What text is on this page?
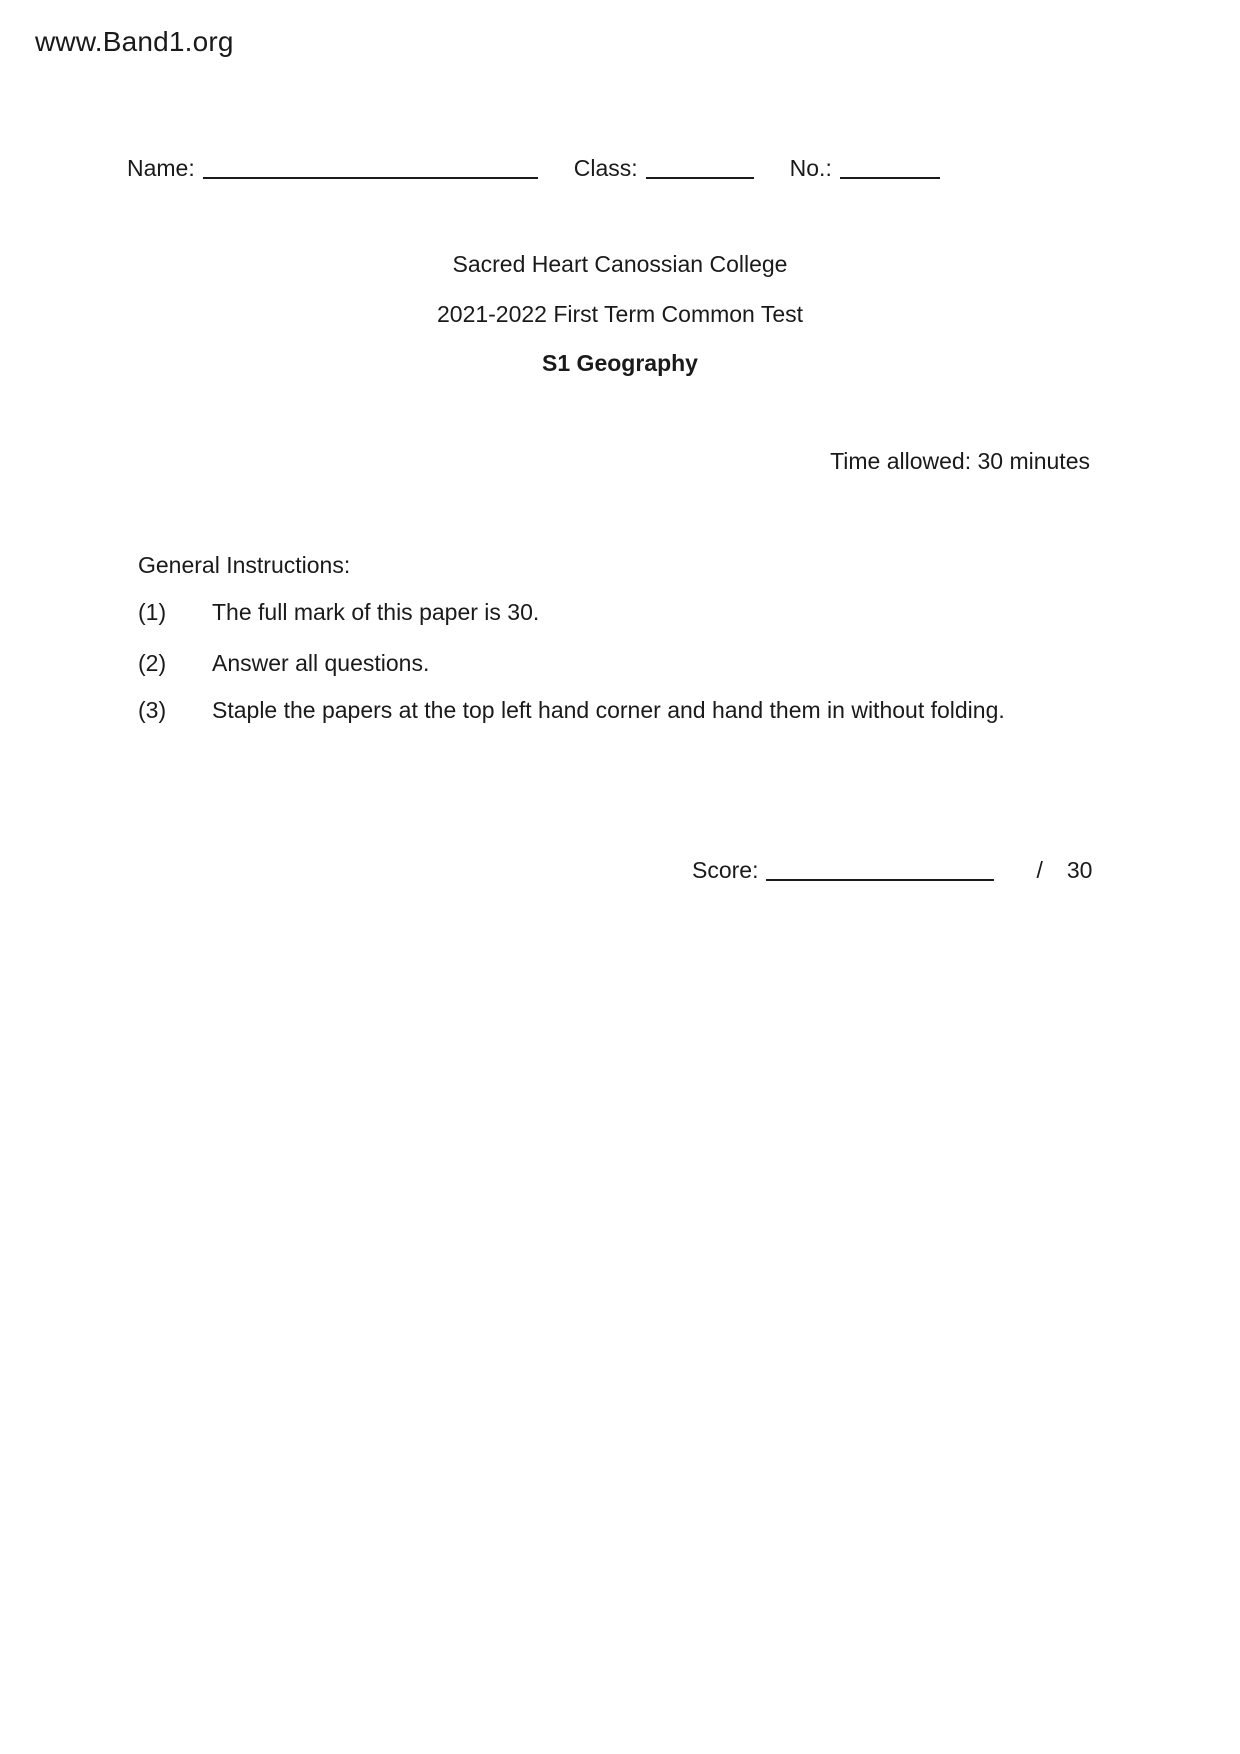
www.Band1.org
Name:	Class:	No.:
Sacred Heart Canossian College
2021-2022 First Term Common Test
S1 Geography
Time allowed: 30 minutes
General Instructions:
(1)	The full mark of this paper is 30.
(2)	Answer all questions.
(3)	Staple the papers at the top left hand corner and hand them in without folding.
Score:	/ 30
